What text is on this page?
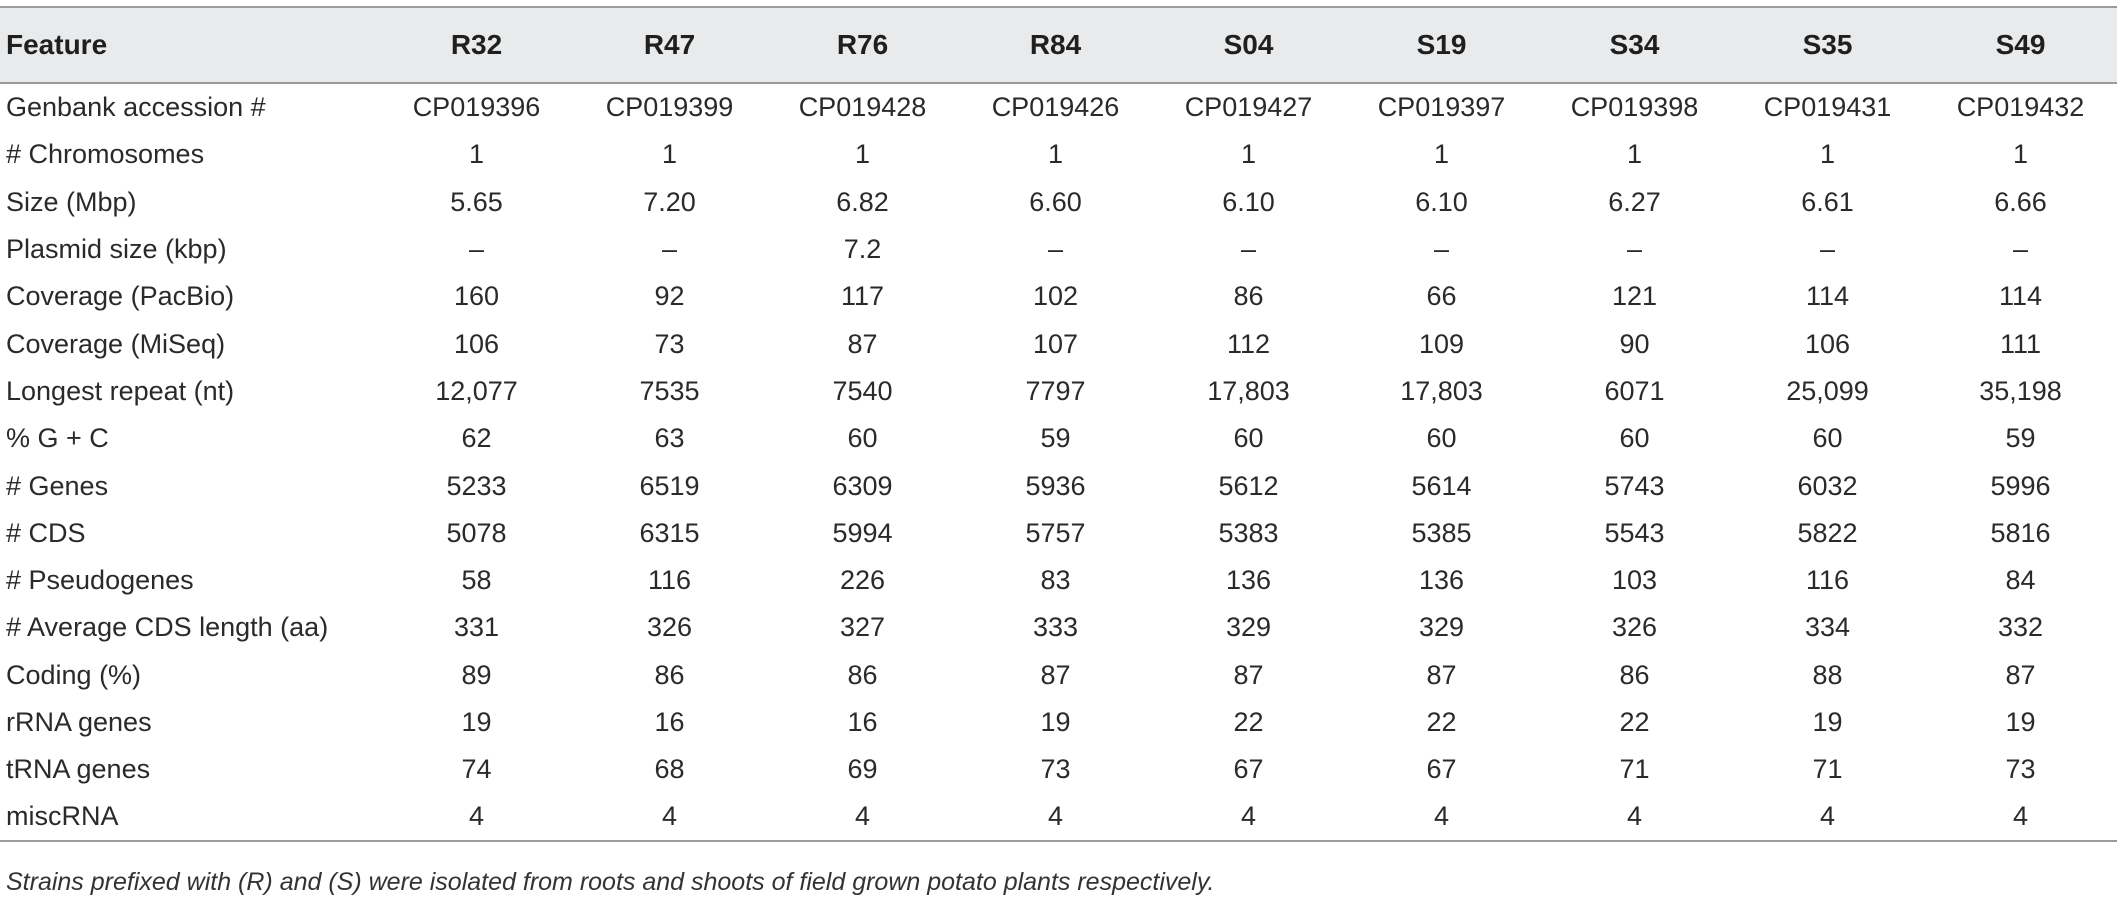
Feature	R32	R47	R76	R84	S04	S19	S34	S35	S49
Genbank accession #	CP019396	CP019399	CP019428	CP019426	CP019427	CP019397	CP019398	CP019431	CP019432
# Chromosomes	1	1	1	1	1	1	1	1	1
Size (Mbp)	5.65	7.20	6.82	6.60	6.10	6.10	6.27	6.61	6.66
Plasmid size (kbp)	–	–	7.2	–	–	–	–	–	–
Coverage (PacBio)	160	92	117	102	86	66	121	114	114
Coverage (MiSeq)	106	73	87	107	112	109	90	106	111
Longest repeat (nt)	12,077	7535	7540	7797	17,803	17,803	6071	25,099	35,198
% G + C	62	63	60	59	60	60	60	60	59
# Genes	5233	6519	6309	5936	5612	5614	5743	6032	5996
# CDS	5078	6315	5994	5757	5383	5385	5543	5822	5816
# Pseudogenes	58	116	226	83	136	136	103	116	84
# Average CDS length (aa)	331	326	327	333	329	329	326	334	332
Coding (%)	89	86	86	87	87	87	86	88	87
rRNA genes	19	16	16	19	22	22	22	19	19
tRNA genes	74	68	69	73	67	67	71	71	73
miscRNA	4	4	4	4	4	4	4	4	4
Strains prefixed with (R) and (S) were isolated from roots and shoots of field grown potato plants respectively.
